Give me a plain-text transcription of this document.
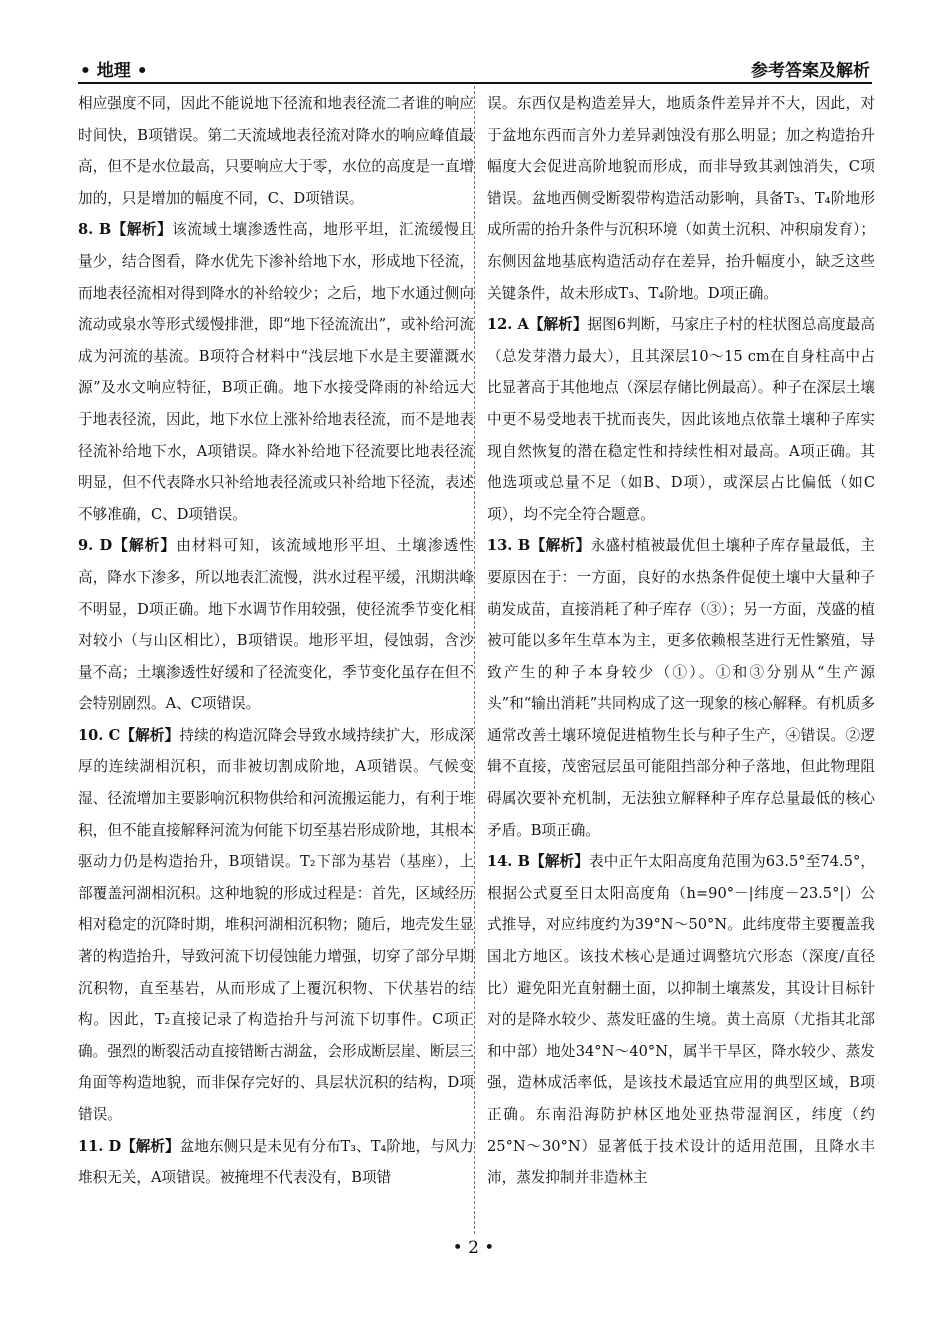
• 地理 •	参考答案及解析

相应强度不同，因此不能说地下径流和地表径流二者谁的响应时间快，B项错误。第二天流域地表径流对降水的响应峰值最高，但不是水位最高，只要响应大于零，水位的高度是一直增加的，只是增加的幅度不同，C、D项错误。

8. B【解析】该流域土壤渗透性高，地形平坦，汇流缓慢且量少，结合图看，降水优先下渗补给地下水，形成地下径流，而地表径流相对得到降水的补给较少；之后，地下水通过侧向流动或泉水等形式缓慢排泄，即“地下径流流出”，或补给河流成为河流的基流。B项符合材料中“浅层地下水是主要灌溉水源”及水文响应特征，B项正确。地下水接受降雨的补给远大于地表径流，因此，地下水位上涨补给地表径流，而不是地表径流补给地下水，A项错误。降水补给地下径流要比地表径流明显，但不代表降水只补给地表径流或只补给地下径流，表述不够准确，C、D项错误。

9. D【解析】由材料可知，该流域地形平坦、土壤渗透性高，降水下渗多，所以地表汇流慢，洪水过程平缓，汛期洪峰不明显，D项正确。地下水调节作用较强，使径流季节变化相对较小（与山区相比），B项错误。地形平坦，侵蚀弱，含沙量不高；土壤渗透性好缓和了径流变化，季节变化虽存在但不会特别剧烈。A、C项错误。

10. C【解析】持续的构造沉降会导致水域持续扩大，形成深厚的连续湖相沉积，而非被切割成阶地，A项错误。气候变湿、径流增加主要影响沉积物供给和河流搬运能力，有利于堆积，但不能直接解释河流为何能下切至基岩形成阶地，其根本驱动力仍是构造抬升，B项错误。T₂下部为基岩（基座），上部覆盖河湖相沉积。这种地貌的形成过程是：首先，区域经历相对稳定的沉降时期，堆积河湖相沉积物；随后，地壳发生显著的构造抬升，导致河流下切侵蚀能力增强，切穿了部分早期沉积物，直至基岩，从而形成了上覆沉积物、下伏基岩的结构。因此，T₂直接记录了构造抬升与河流下切事件。C项正确。强烈的断裂活动直接错断古湖盆，会形成断层崖、断层三角面等构造地貌，而非保存完好的、具层状沉积的结构，D项错误。

11. D【解析】盆地东侧只是未见有分布T₃、T₄阶地，与风力堆积无关，A项错误。被掩埋不代表没有，B项错

误。东西仅是构造差异大，地质条件差异并不大，因此，对于盆地东西而言外力差异剥蚀没有那么明显；加之构造抬升幅度大会促进高阶地貌而形成，而非导致其剥蚀消失，C项错误。盆地西侧受断裂带构造活动影响，具备T₃、T₄阶地形成所需的抬升条件与沉积环境（如黄土沉积、冲积扇发育）；东侧因盆地基底构造活动存在差异，抬升幅度小，缺乏这些关键条件，故未形成T₃、T₄阶地。D项正确。

12. A【解析】据图6判断，马家庄子村的柱状图总高度最高（总发芽潜力最大），且其深层10～15 cm在自身柱高中占比显著高于其他地点（深层存储比例最高）。种子在深层土壤中更不易受地表干扰而丧失，因此该地点依靠土壤种子库实现自然恢复的潜在稳定性和持续性相对最高。A项正确。其他选项或总量不足（如B、D项），或深层占比偏低（如C项），均不完全符合题意。

13. B【解析】永盛村植被最优但土壤种子库存量最低，主要原因在于：一方面，良好的水热条件促使土壤中大量种子萌发成苗，直接消耗了种子库存（③）；另一方面，茂盛的植被可能以多年生草本为主，更多依赖根茎进行无性繁殖，导致产生的种子本身较少（①）。①和③分别从“生产源头”和“输出消耗”共同构成了这一现象的核心解释。有机质多通常改善土壤环境促进植物生长与种子生产，④错误。②逻辑不直接，茂密冠层虽可能阻挡部分种子落地，但此物理阻碍属次要补充机制，无法独立解释种子库存总量最低的核心矛盾。B项正确。

14. B【解析】表中正午太阳高度角范围为63.5°至74.5°，根据公式夏至日太阳高度角（h=90°－|纬度－23.5°|）公式推导，对应纬度约为39°N～50°N。此纬度带主要覆盖我国北方地区。该技术核心是通过调整坑穴形态（深度/直径比）避免阳光直射翻土面，以抑制土壤蒸发，其设计目标针对的是降水较少、蒸发旺盛的生境。黄土高原（尤指其北部和中部）地处34°N～40°N，属半干旱区，降水较少、蒸发强，造林成活率低，是该技术最适宜应用的典型区域，B项正确。东南沿海防护林区地处亚热带湿润区，纬度（约25°N～30°N）显著低于技术设计的适用范围，且降水丰沛，蒸发抑制并非造林主

• 2 •
